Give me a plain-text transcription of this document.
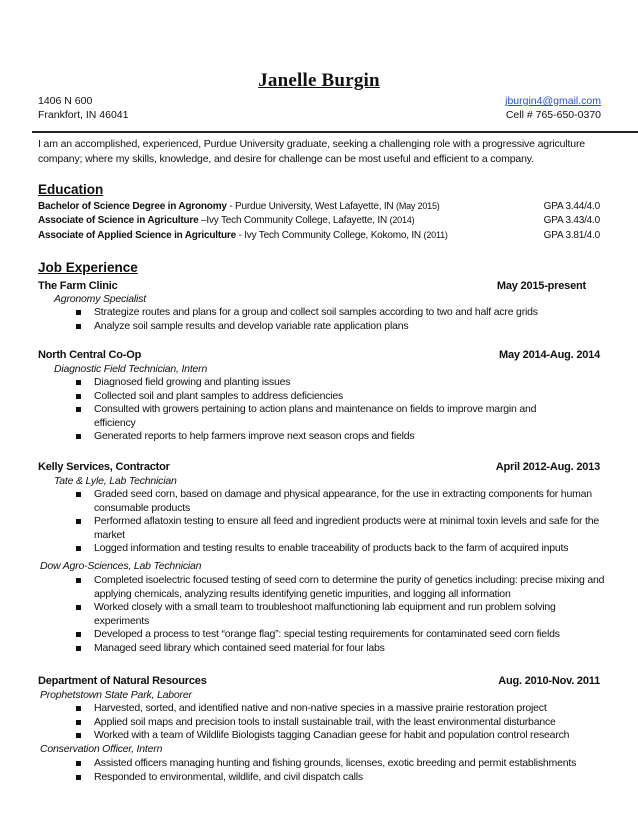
Janelle Burgin
1406 N 600
Frankfort, IN 46041
jburgin4@gmail.com
Cell # 765-650-0370
I am an accomplished, experienced, Purdue University graduate, seeking a challenging role with a progressive agriculture company; where my skills, knowledge, and desire for challenge can be most useful and efficient to a company.
Education
Bachelor of Science Degree in Agronomy - Purdue University, West Lafayette, IN (May 2015)	GPA 3.44/4.0
Associate of Science in Agriculture –Ivy Tech Community College, Lafayette, IN (2014)	GPA 3.43/4.0
Associate of Applied Science in Agriculture - Ivy Tech Community College, Kokomo, IN (2011)	GPA 3.81/4.0
Job Experience
The Farm Clinic	May 2015-present
Agronomy Specialist
Strategize routes and plans for a group and collect soil samples according to two and half acre grids
Analyze soil sample results and develop variable rate application plans
North Central Co-Op	May 2014-Aug. 2014
Diagnostic Field Technician, Intern
Diagnosed field growing and planting issues
Collected soil and plant samples to address deficiencies
Consulted with growers pertaining to action plans and maintenance on fields to improve margin and efficiency
Generated reports to help farmers improve next season crops and fields
Kelly Services, Contractor	April 2012-Aug. 2013
Tate & Lyle, Lab Technician
Graded seed corn, based on damage and physical appearance, for the use in extracting components for human consumable products
Performed aflatoxin testing to ensure all feed and ingredient products were at minimal toxin levels and safe for the market
Logged information and testing results to enable traceability of products back to the farm of acquired inputs
Dow Agro-Sciences, Lab Technician
Completed isoelectric focused testing of seed corn to determine the purity of genetics including: precise mixing and applying chemicals, analyzing results identifying genetic impurities, and logging all information
Worked closely with a small team to troubleshoot malfunctioning lab equipment and run problem solving experiments
Developed a process to test “orange flag”: special testing requirements for contaminated seed corn fields
Managed seed library which contained seed material for four labs
Department of Natural Resources	Aug. 2010-Nov. 2011
Prophetstown State Park, Laborer
Harvested, sorted, and identified native and non-native species in a massive prairie restoration project
Applied soil maps and precision tools to install sustainable trail, with the least environmental disturbance
Worked with a team of Wildlife Biologists tagging Canadian geese for habit and population control research
Conservation Officer, Intern
Assisted officers managing hunting and fishing grounds, licenses, exotic breeding and permit establishments
Responded to environmental, wildlife, and civil dispatch calls
